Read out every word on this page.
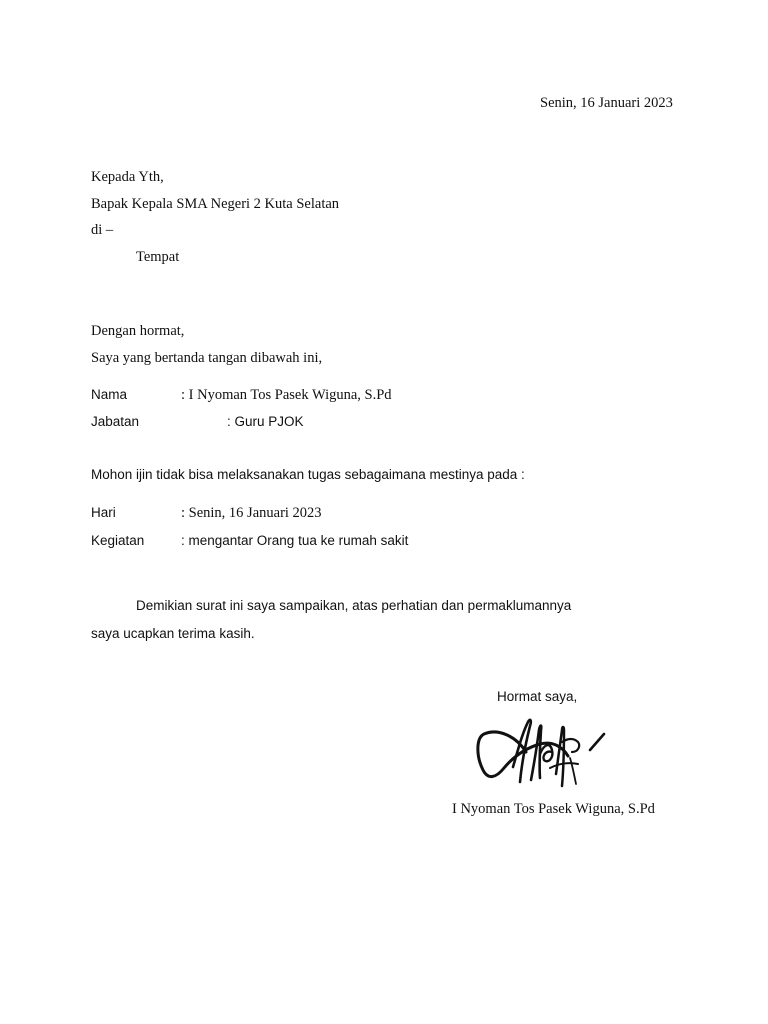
Senin, 16 Januari 2023
Kepada Yth,
Bapak Kepala SMA Negeri 2 Kuta Selatan
di –
Tempat
Dengan hormat,
Saya yang bertanda tangan dibawah ini,
Nama	: I Nyoman Tos Pasek Wiguna, S.Pd
Jabatan	: Guru PJOK
Mohon ijin tidak bisa melaksanakan tugas sebagaimana mestinya pada :
Hari	: Senin, 16 Januari 2023
Kegiatan	: mengantar Orang tua ke rumah sakit
Demikian surat ini saya sampaikan, atas perhatian dan permaklumannya
saya ucapkan terima kasih.
Hormat saya,
I Nyoman Tos Pasek Wiguna, S.Pd
